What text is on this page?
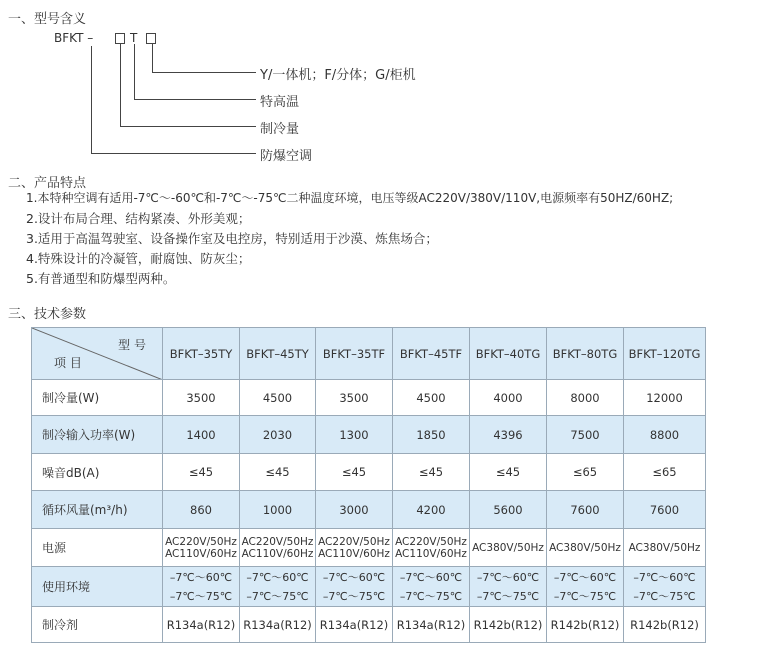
一、型号含义
BFKT –	T
Y/一体机；F/分体；G/柜机
特高温
制冷量
防爆空调
二、产品特点
1.本特种空调有适用-7℃～-60℃和-7℃～-75℃二种温度环境，电压等级AC220V/380V/110V,电源频率有50HZ/60HZ;
2.设计布局合理、结构紧凑、外形美观；
3.适用于高温驾驶室、设备操作室及电控房，特别适用于沙漠、炼焦场合；
4.特殊设计的冷凝管，耐腐蚀、防灰尘；
5.有普通型和防爆型两种。
三、技术参数
型 号
项 目	BFKT–35TY	BFKT–45TY	BFKT–35TF	BFKT–45TF	BFKT–40TG	BFKT–80TG	BFKT–120TG
制冷量(W)	3500	4500	3500	4500	4000	8000	12000
制冷输入功率(W)	1400	2030	1300	1850	4396	7500	8800
噪音dB(A)	≤45	≤45	≤45	≤45	≤45	≤65	≤65
循环风量(m³/h)	860	1000	3000	4200	5600	7600	7600
电源	AC220V/50Hz
AC110V/60Hz	AC220V/50Hz
AC110V/60Hz	AC220V/50Hz
AC110V/60Hz	AC220V/50Hz
AC110V/60Hz	AC380V/50Hz	AC380V/50Hz	AC380V/50Hz

使用环境	–7℃～60℃
–7℃～75℃	–7℃～60℃
–7℃～75℃	–7℃～60℃
–7℃～75℃	–7℃～60℃
–7℃～75℃	–7℃～60℃
–7℃～75℃	–7℃～60℃
–7℃～75℃	–7℃～60℃
–7℃～75℃

制冷剂	R134a(R12)	R134a(R12)	R134a(R12)	R134a(R12)	R142b(R12)	R142b(R12)	R142b(R12)
